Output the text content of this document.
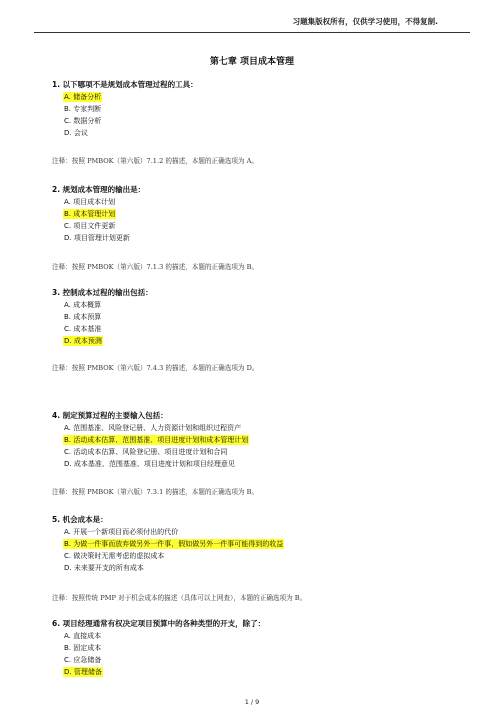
习题集版权所有，仅供学习使用，不得复制.
第七章 项目成本管理
1. 以下哪项不是规划成本管理过程的工具：
A. 储备分析
B. 专家判断
C. 数据分析
D. 会议
注释：按照 PMBOK（第六版）7.1.2 的描述，本题的正确选项为 A。
2. 规划成本管理的输出是：
A. 项目成本计划
B. 成本管理计划
C. 项目文件更新
D. 项目管理计划更新
注释：按照 PMBOK（第六版）7.1.3 的描述，本题的正确选项为 B。
3. 控制成本过程的输出包括：
A. 成本概算
B. 成本预算
C. 成本基准
D. 成本预测
注释：按照 PMBOK（第六版）7.4.3 的描述，本题的正确选项为 D。
4. 制定预算过程的主要输入包括：
A. 范围基准、风险登记册、人力资源计划和组织过程资产
B. 活动成本估算、范围基准、项目进度计划和成本管理计划
C. 活动成本估算、风险登记册、项目进度计划和合同
D. 成本基准、范围基准、项目进度计划和项目经理意见
注释：按照 PMBOK（第六版）7.3.1 的描述，本题的正确选项为 B。
5. 机会成本是：
A. 开展一个新项目而必须付出的代价
B. 为做一件事而放弃做另外一件事，假如做另外一件事可能得到的收益
C. 做决策时无需考虑的虚拟成本
D. 未来要开支的所有成本
注释：按照传统 PMP 对于机会成本的描述（具体可以上网查），本题的正确选项为 B。
6. 项目经理通常有权决定项目预算中的各种类型的开支，除了：
A. 直接成本
B. 固定成本
C. 应急储备
D. 管理储备
1 / 9
